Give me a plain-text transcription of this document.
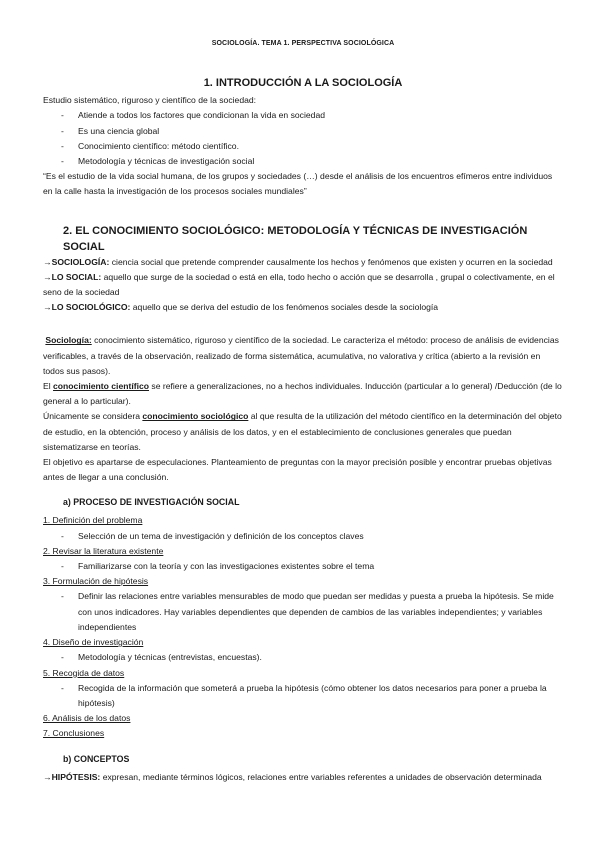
SOCIOLOGÍA. TEMA 1. PERSPECTIVA SOCIOLÓGICA
1. INTRODUCCIÓN A LA SOCIOLOGÍA

Estudio sistemático, riguroso y científico de la sociedad:

- Atiende a todos los factores que condicionan la vida en sociedad
- Es una ciencia global
- Conocimiento científico: método científico.
- Metodología y técnicas de investigación social

“Es el estudio de la vida social humana, de los grupos y sociedades (…) desde el análisis de los encuentros efímeros entre individuos en la calle hasta la investigación de los procesos sociales mundiales”

2. EL CONOCIMIENTO SOCIOLÓGICO: METODOLOGÍA Y TÉCNICAS DE INVESTIGACIÓN SOCIAL

→SOCIOLOGÍA: ciencia social que pretende comprender causalmente los hechos y fenómenos que existen y ocurren en la sociedad

→LO SOCIAL: aquello que surge de la sociedad o está en ella, todo hecho o acción que se desarrolla , grupal o colectivamente, en el seno de la sociedad

→LO SOCIOLÓGICO: aquello que se deriva del estudio de los fenómenos sociales desde la sociología

Sociología: conocimiento sistemático, riguroso y científico de la sociedad. Le caracteriza el método: proceso de análisis de evidencias verificables, a través de la observación, realizado de forma sistemática, acumulativa, no valorativa y crítica (abierto a la revisión en todos sus pasos).

El conocimiento científico se refiere a generalizaciones, no a hechos individuales. Inducción (particular a lo general) /Deducción (de lo general a lo particular).

Únicamente se considera conocimiento sociológico al que resulta de la utilización del método científico en la determinación del objeto de estudio, en la obtención, proceso y análisis de los datos, y en el establecimiento de conclusiones generales que puedan sistematizarse en teorías.

El objetivo es apartarse de especulaciones. Planteamiento de preguntas con la mayor precisión posible y encontrar pruebas objetivas antes de llegar a una conclusión.

a) PROCESO DE INVESTIGACIÓN SOCIAL
1. Definición del problema
- Selección de un tema de investigación y definición de los conceptos claves
2. Revisar la literatura existente
- Familiarizarse con la teoría y con las investigaciones existentes sobre el tema
3. Formulación de hipótesis
- Definir las relaciones entre variables mensurables de modo que puedan ser medidas y puesta a prueba la hipótesis. Se mide con unos indicadores. Hay variables dependientes que dependen de cambios de las variables independientes; y variables independientes
4. Diseño de investigación
- Metodología y técnicas (entrevistas, encuestas).
5. Recogida de datos
- Recogida de la información que someterá a prueba la hipótesis (cómo obtener los datos necesarios para poner a prueba la hipótesis)
6. Análisis de los datos
7. Conclusiones
b) CONCEPTOS

→HIPÓTESIS: expresan, mediante términos lógicos, relaciones entre variables referentes a unidades de observación determinada
